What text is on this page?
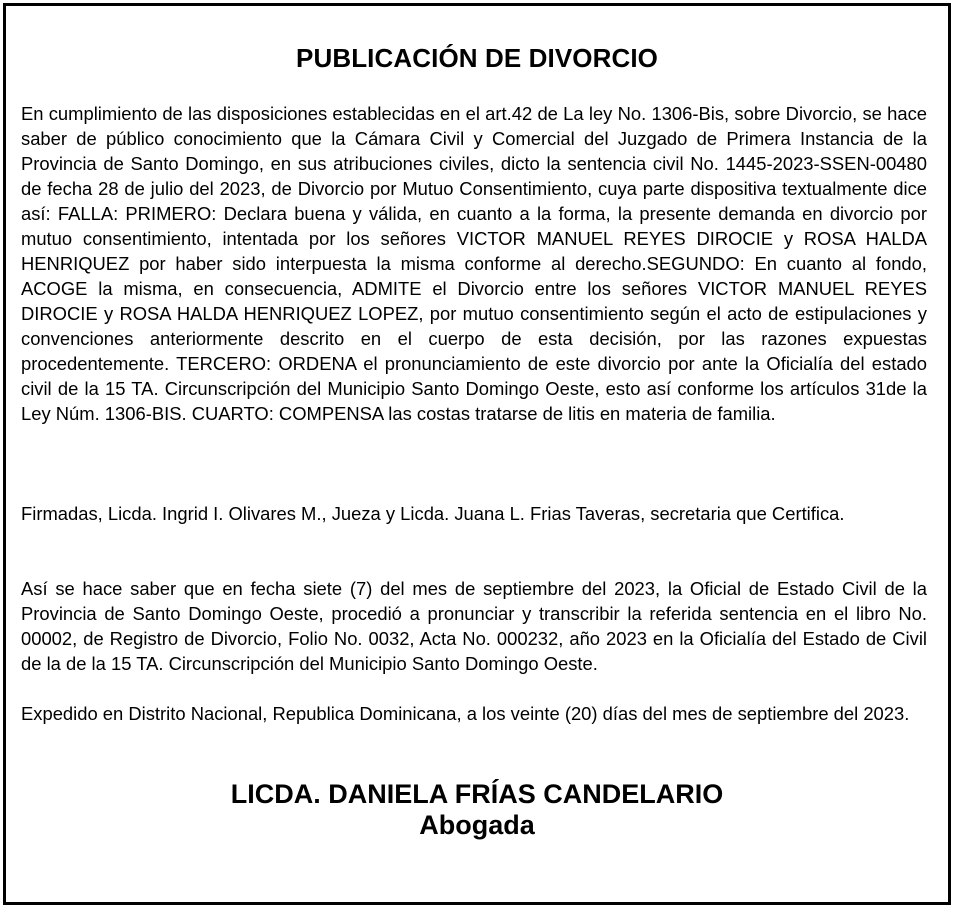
PUBLICACIÓN DE DIVORCIO

En cumplimiento de las disposiciones establecidas en el art.42 de La ley No. 1306-Bis, sobre Divorcio, se hace saber de público conocimiento que la Cámara Civil y Comercial del Juzgado de Primera Instancia de la Provincia de Santo Domingo, en sus atribuciones civiles, dicto la sentencia civil No. 1445-2023-SSEN-00480 de fecha 28 de julio del 2023, de Divorcio por Mutuo Consentimiento, cuya parte dispositiva textualmente dice así: FALLA: PRIMERO: Declara buena y válida, en cuanto a la forma, la presente demanda en divorcio por mutuo consentimiento, intentada por los señores VICTOR MANUEL REYES DIROCIE y ROSA HALDA HENRIQUEZ por haber sido interpuesta la misma conforme al derecho.SEGUNDO: En cuanto al fondo, ACOGE la misma, en consecuencia, ADMITE el Divorcio entre los señores VICTOR MANUEL REYES DIROCIE y ROSA HALDA HENRIQUEZ LOPEZ, por mutuo consentimiento según el acto de estipulaciones y convenciones anteriormente descrito en el cuerpo de esta decisión, por las razones expuestas procedentemente. TERCERO: ORDENA el pronunciamiento de este divorcio por ante la Oficialía del estado civil de la 15 TA. Circunscripción del Municipio Santo Domingo Oeste, esto así conforme los artículos 31de la Ley Núm. 1306-BIS. CUARTO: COMPENSA las costas tratarse de litis en materia de familia.

Firmadas, Licda. Ingrid I. Olivares M., Jueza y Licda. Juana L. Frias Taveras, secretaria que Certifica.

Así se hace saber que en fecha siete (7) del mes de septiembre del 2023, la Oficial de Estado Civil de la Provincia de Santo Domingo Oeste, procedió a pronunciar y transcribir la referida sentencia en el libro No. 00002, de Registro de Divorcio, Folio No. 0032, Acta No. 000232, año 2023 en la Oficialía del Estado de Civil de la de la 15 TA. Circunscripción del Municipio Santo Domingo Oeste.

Expedido en Distrito Nacional, Republica Dominicana, a los veinte (20) días del mes de septiembre del 2023.

LICDA. DANIELA FRÍAS CANDELARIO
Abogada
